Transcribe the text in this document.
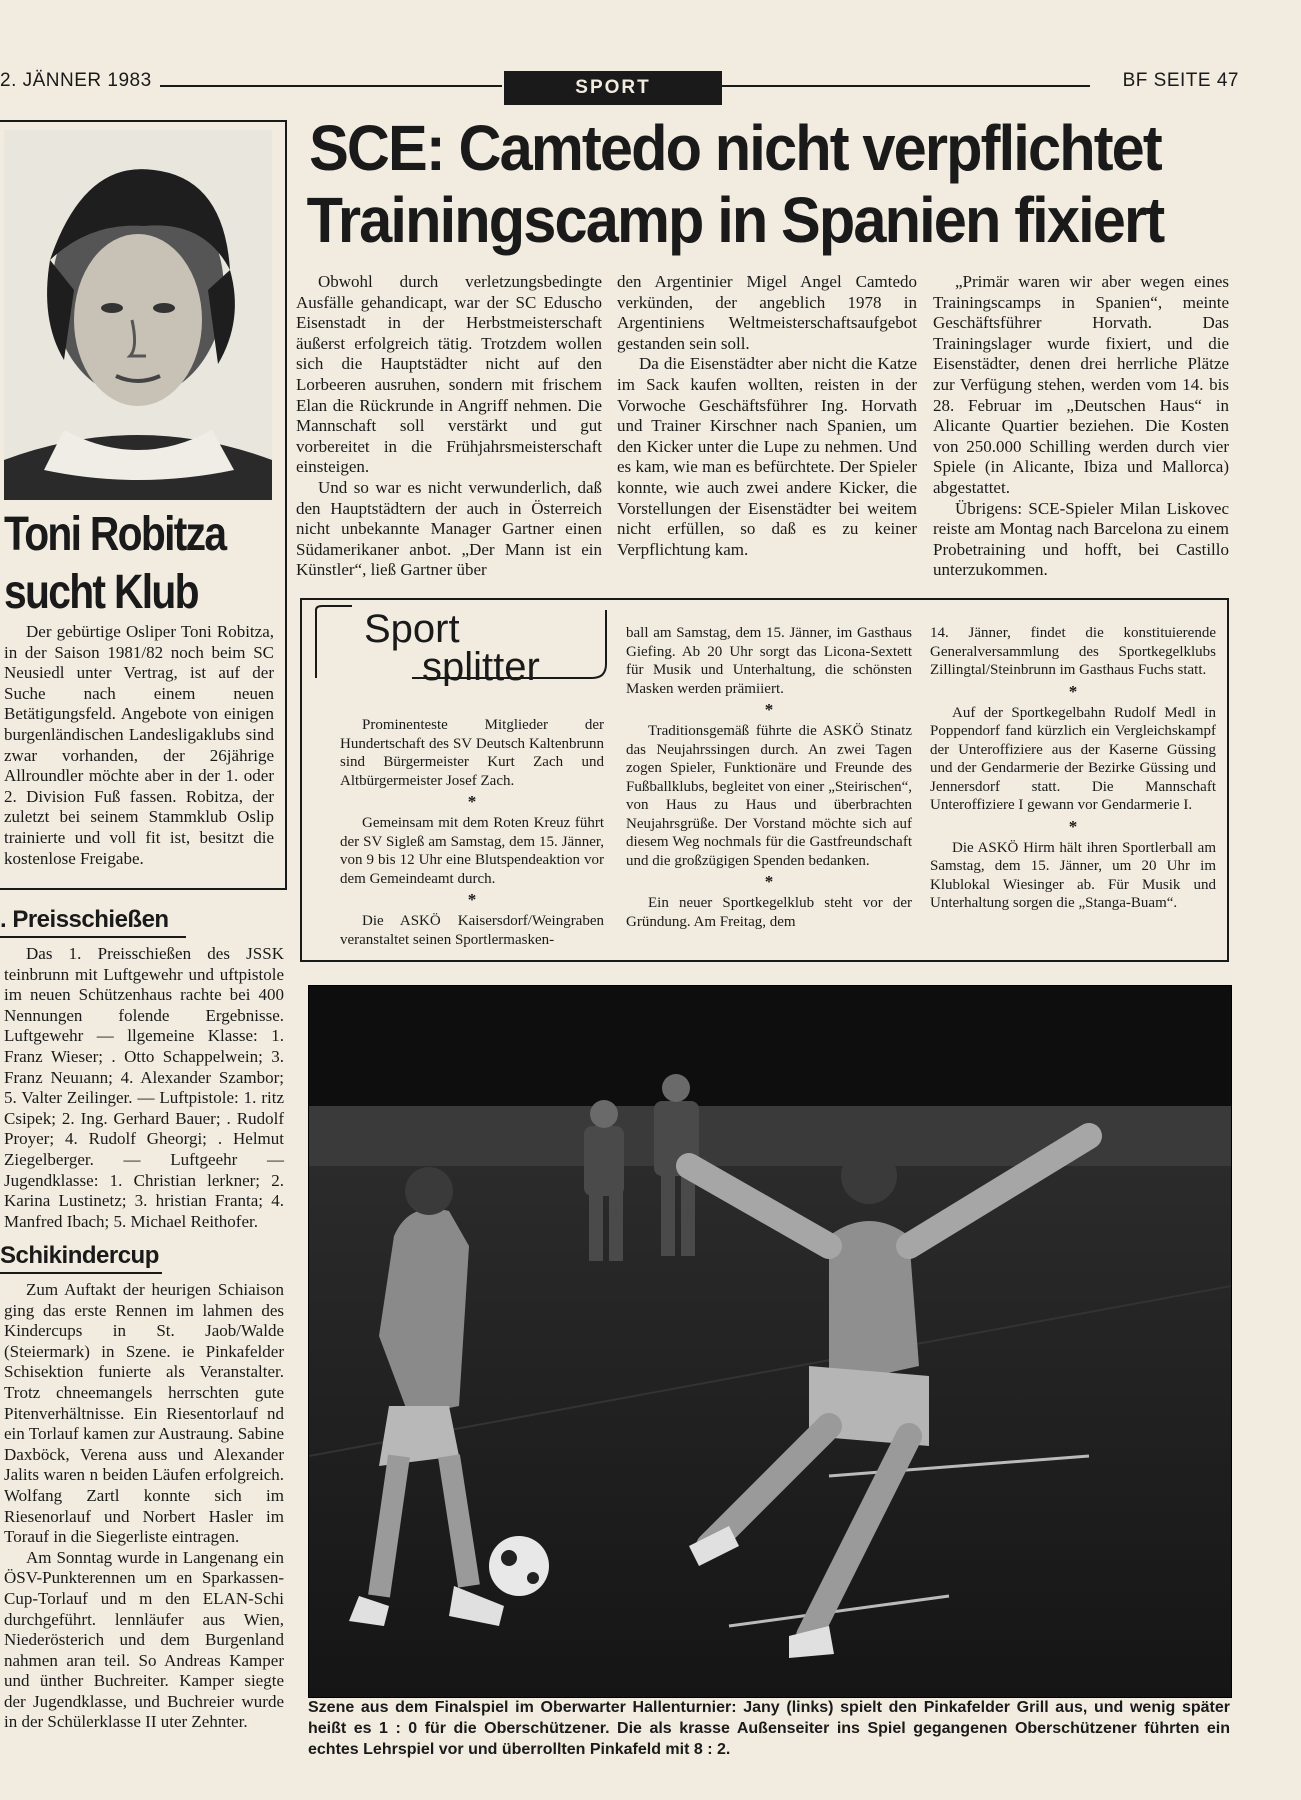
2. JÄNNER 1983	SPORT	BF SEITE 47
SCE: Camtedo nicht verpflichtet
Trainingscamp in Spanien fixiert

Obwohl durch verletzungsbedingte Ausfälle gehandicapt, war der SC Eduscho Eisenstadt in der Herbstmeisterschaft äußerst erfolgreich tätig. Trotzdem wollen sich die Hauptstädter nicht auf den Lorbeeren ausruhen, sondern mit frischem Elan die Rückrunde in Angriff nehmen. Die Mannschaft soll verstärkt und gut vorbereitet in die Frühjahrsmeisterschaft einsteigen.

Und so war es nicht verwunderlich, daß den Hauptstädtern der auch in Österreich nicht unbekannte Manager Gartner einen Südamerikaner anbot. „Der Mann ist ein Künstler“, ließ Gartner über

den Argentinier Migel Angel Camtedo verkünden, der angeblich 1978 in Argentiniens Weltmeisterschaftsaufgebot gestanden sein soll.

Da die Eisenstädter aber nicht die Katze im Sack kaufen wollten, reisten in der Vorwoche Geschäftsführer Ing. Horvath und Trainer Kirschner nach Spanien, um den Kicker unter die Lupe zu nehmen. Und es kam, wie man es befürchtete. Der Spieler konnte, wie auch zwei andere Kicker, die Vorstellungen der Eisenstädter bei weitem nicht erfüllen, so daß es zu keiner Verpflichtung kam.

„Primär waren wir aber wegen eines Trainingscamps in Spanien“, meinte Geschäftsführer Horvath. Das Trainingslager wurde fixiert, und die Eisenstädter, denen drei herrliche Plätze zur Verfügung stehen, werden vom 14. bis 28. Februar im „Deutschen Haus“ in Alicante Quartier beziehen. Die Kosten von 250.000 Schilling werden durch vier Spiele (in Alicante, Ibiza und Mallorca) abgestattet.

Übrigens: SCE-Spieler Milan Liskovec reiste am Montag nach Barcelona zu einem Probetraining und hofft, bei Castillo unterzukommen.

Toni Robitza
sucht Klub

Der gebürtige Osliper Toni Robitza, in der Saison 1981/82 noch beim SC Neusiedl unter Vertrag, ist auf der Suche nach einem neuen Betätigungsfeld. Angebote von einigen burgenländischen Landesligaklubs sind zwar vorhanden, der 26jährige Allroundler möchte aber in der 1. oder 2. Division Fuß fassen. Robitza, der zuletzt bei seinem Stammklub Oslip trainierte und voll fit ist, besitzt die kostenlose Freigabe.

. Preisschießen

Das 1. Preisschießen des JSSK teinbrunn mit Luftgewehr und uftpistole im neuen Schützenhaus rachte bei 400 Nennungen folende Ergebnisse. Luftgewehr — llgemeine Klasse: 1. Franz Wieser; . Otto Schappelwein; 3. Franz Neuıann; 4. Alexander Szambor; 5. Valter Zeilinger. — Luftpistole: 1. ritz Csipek; 2. Ing. Gerhard Bauer; . Rudolf Proyer; 4. Rudolf Gheorgi; . Helmut Ziegelberger. — Luftgeehr — Jugendklasse: 1. Christian lerkner; 2. Karina Lustinetz; 3. hristian Franta; 4. Manfred Ibach; 5. Michael Reithofer.

Schikindercup

Zum Auftakt der heurigen Schiaison ging das erste Rennen im lahmen des Kindercups in St. Jaob/Walde (Steiermark) in Szene. ie Pinkafelder Schisektion funierte als Veranstalter. Trotz chneemangels herrschten gute Pitenverhältnisse. Ein Riesentorlauf nd ein Torlauf kamen zur Austraung. Sabine Daxböck, Verena auss und Alexander Jalits waren n beiden Läufen erfolgreich. Wolfang Zartl konnte sich im Riesenorlauf und Norbert Hasler im Torauf in die Siegerliste eintragen.

Am Sonntag wurde in Langenang ein ÖSV-Punkterennen um en Sparkassen-Cup-Torlauf und m den ELAN-Schi durchgeführt. lennläufer aus Wien, Niederösterich und dem Burgenland nahmen aran teil. So Andreas Kamper und ünther Buchreiter. Kamper siegte der Jugendklasse, und Buchreier wurde in der Schülerklasse II uter Zehnter.

Sport
splitter

Prominenteste Mitglieder der Hundertschaft des SV Deutsch Kaltenbrunn sind Bürgermeister Kurt Zach und Altbürgermeister Josef Zach.

*

Gemeinsam mit dem Roten Kreuz führt der SV Sigleß am Samstag, dem 15. Jänner, von 9 bis 12 Uhr eine Blutspendeaktion vor dem Gemeindeamt durch.

*

Die ASKÖ Kaisersdorf/Weingraben veranstaltet seinen Sportlermasken-

ball am Samstag, dem 15. Jänner, im Gasthaus Giefing. Ab 20 Uhr sorgt das Licona-Sextett für Musik und Unterhaltung, die schönsten Masken werden prämiiert.

*

Traditionsgemäß führte die ASKÖ Stinatz das Neujahrssingen durch. An zwei Tagen zogen Spieler, Funktionäre und Freunde des Fußballklubs, begleitet von einer „Steirischen“, von Haus zu Haus und überbrachten Neujahrsgrüße. Der Vorstand möchte sich auf diesem Weg nochmals für die Gastfreundschaft und die großzügigen Spenden bedanken.

*

Ein neuer Sportkegelklub steht vor der Gründung. Am Freitag, dem

14. Jänner, findet die konstituierende Generalversammlung des Sportkegelklubs Zillingtal/Steinbrunn im Gasthaus Fuchs statt.

*

Auf der Sportkegelbahn Rudolf Medl in Poppendorf fand kürzlich ein Vergleichskampf der Unteroffiziere aus der Kaserne Güssing und der Gendarmerie der Bezirke Güssing und Jennersdorf statt. Die Mannschaft Unteroffiziere I gewann vor Gendarmerie I.

*

Die ASKÖ Hirm hält ihren Sportlerball am Samstag, dem 15. Jänner, um 20 Uhr im Klublokal Wiesinger ab. Für Musik und Unterhaltung sorgen die „Stanga-Buam“.

Szene aus dem Finalspiel im Oberwarter Hallenturnier: Jany (links) spielt den Pinkafelder Grill aus, und wenig später heißt es 1 : 0 für die Oberschützener. Die als krasse Außenseiter ins Spiel gegangenen Oberschützener führten ein echtes Lehrspiel vor und überrollten Pinkafeld mit 8 : 2.
